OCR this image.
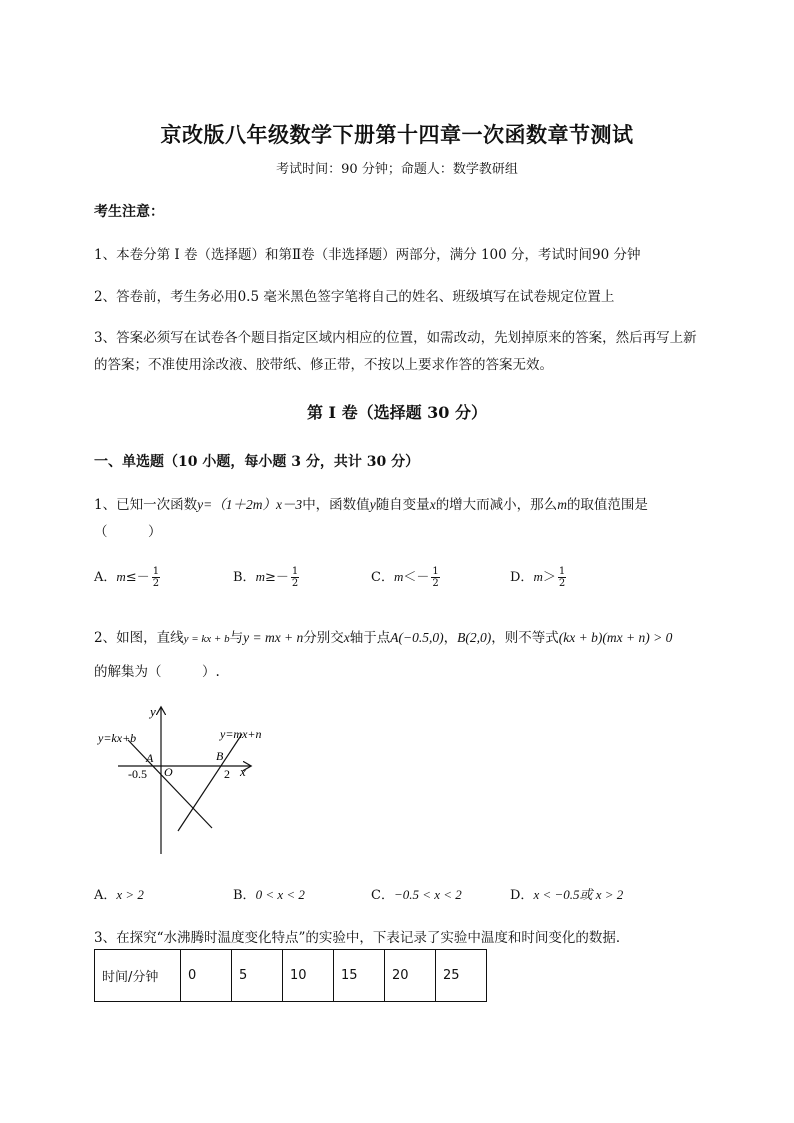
京改版八年级数学下册第十四章一次函数章节测试
考试时间：90 分钟；命题人：数学教研组
考生注意：
1、本卷分第 I 卷（选择题）和第Ⅱ卷（非选择题）两部分，满分 100 分，考试时间90 分钟
2、答卷前，考生务必用0.5 毫米黑色签字笔将自己的姓名、班级填写在试卷规定位置上
3、答案必须写在试卷各个题目指定区域内相应的位置，如需改动，先划掉原来的答案，然后再写上新
的答案；不准使用涂改液、胶带纸、修正带，不按以上要求作答的答案无效。
第 I 卷（选择题 30 分）
一、单选题（10 小题，每小题 3 分，共计 30 分）
1、已知一次函数y=（1＋2m）x－3中，函数值y随自变量x的增大而减小，那么m的取值范围是
（　　　）
A．$m\le- \frac{1}{2}$	B．$m\ge- \frac{1}{2}$	C．$m<- \frac{1}{2}$	D．$m> \frac{1}{2}$
2、如图，直线y = kx + b与y = mx + n分别交x轴于点A(−0.5,0)，B(2,0)，则不等式(kx + b)(mx + n) > 0
的解集为（　　　）.
y
x
O
A	B
-0.5	2
y=kx+b	y=mx+n
A．x > 2	B．0 < x < 2	C．−0.5 < x < 2	D．x < −0.5或 x > 2
3、在探究“水沸腾时温度变化特点”的实验中，下表记录了实验中温度和时间变化的数据．
时间/分钟	0	5	10	15	20	25
